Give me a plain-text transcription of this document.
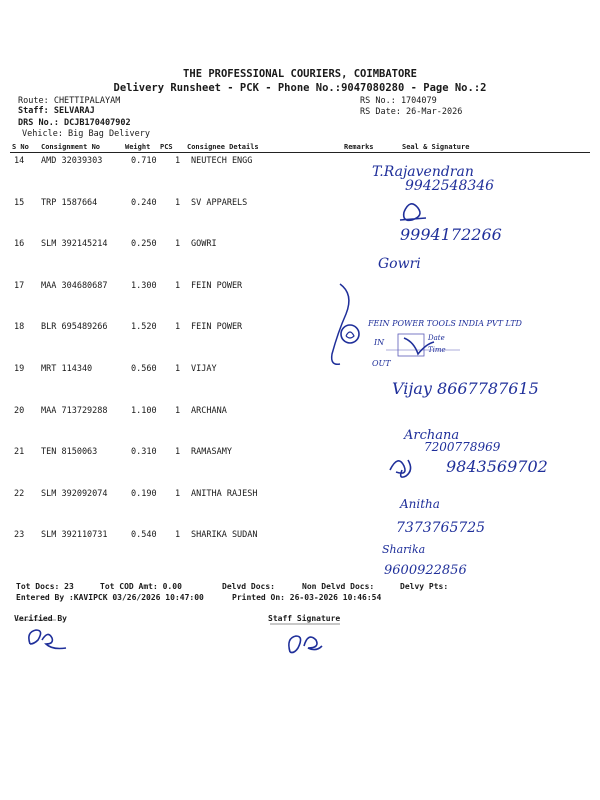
THE PROFESSIONAL COURIERS, COIMBATORE
Delivery Runsheet - PCK - Phone No.:9047080280 - Page No.:2
Route: CHETTIPALAYAM
Staff: SELVARAJ
DRS No.: DCJB170407902
Vehicle: Big Bag Delivery
RS No.: 1704079
RS Date: 26-Mar-2026
S No Consignment No	Weight PCS Consignee Details	Remarks	Seal & Signature
14 AMD 32039303	0.710 1 NEUTECH ENGG
15 TRP 1587664	0.240 1 SV APPARELS
16 SLM 392145214	0.250 1 GOWRI
17 MAA 304680687	1.300 1 FEIN POWER
18 BLR 695489266	1.520 1 FEIN POWER
19 MRT 114340	0.560 1 VIJAY
20 MAA 713729288	1.100 1 ARCHANA
21 TEN 8150063	0.310 1 RAMASAMY
22 SLM 392092074	0.190 1 ANITHA RAJESH
23 SLM 392110731	0.540 1 SHARIKA SUDAN
T.Rajavendran
9942548346
9994172266
Gowri
Vijay 8667787615
Archana
7200778969
9843569702
Anitha
7373765725
Sharika
9600922856
FEIN POWER TOOLS INDIA PVT LTD
IN
OUT
Date
Time
Tot Docs: 23	Tot COD Amt: 0.00	Delvd Docs:	Non Delvd Docs:	Delvy Pts:
Entered By :KAVIPCK 03/26/2026 10:47:00	Printed On: 26-03-2026 10:46:54
Verified By	Staff Signature
